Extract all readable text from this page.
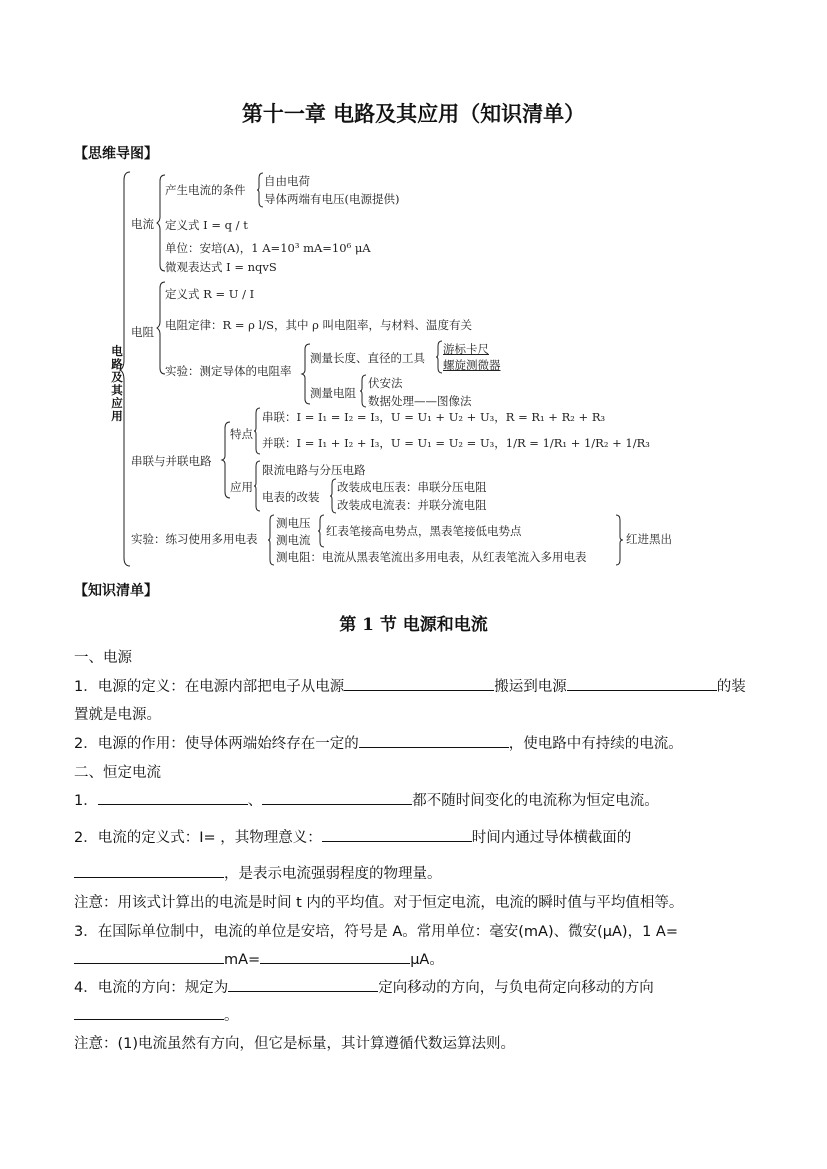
第十一章 电路及其应用（知识清单）
【思维导图】
电路及其应用
电流
产生电流的条件
自由电荷
导体两端有电压(电源提供)
定义式 I = q / t
单位：安培(A)，1 A=10³ mA=10⁶ μA
微观表达式 I = nqvS
电阻
定义式 R = U / I
电阻定律：R = ρ l/S，其中 ρ 叫电阻率，与材料、温度有关
实验：测定导体的电阻率
测量长度、直径的工具
游标卡尺
螺旋测微器
测量电阻
伏安法
数据处理——图像法
串联与并联电路
特点
串联：I = I₁ = I₂ = I₃，U = U₁ + U₂ + U₃，R = R₁ + R₂ + R₃
并联：I = I₁ + I₂ + I₃，U = U₁ = U₂ = U₃，1/R = 1/R₁ + 1/R₂ + 1/R₃
应用
限流电路与分压电路
电表的改装
改装成电压表：串联分压电阻
改装成电流表：并联分流电阻
实验：练习使用多用电表
测电压
测电流
红表笔接高电势点，黑表笔接低电势点
测电阻：电流从黑表笔流出多用电表，从红表笔流入多用电表
红进黑出
【知识清单】
第 1 节 电源和电流
一、电源
1．电源的定义：在电源内部把电子从电源	搬运到电源	的装
置就是电源。
2．电源的作用：使导体两端始终存在一定的	，使电路中有持续的电流。
二、恒定电流
1．	、	都不随时间变化的电流称为恒定电流。
2．电流的定义式：I= ，其物理意义：	时间内通过导体横截面的
，是表示电流强弱程度的物理量。
注意：用该式计算出的电流是时间 t 内的平均值。对于恒定电流，电流的瞬时值与平均值相等。
3．在国际单位制中，电流的单位是安培，符号是 A。常用单位：毫安(mA)、微安(μA)，1 A=
mA=	μA。
4．电流的方向：规定为	定向移动的方向，与负电荷定向移动的方向
。
注意：(1)电流虽然有方向，但它是标量，其计算遵循代数运算法则。
